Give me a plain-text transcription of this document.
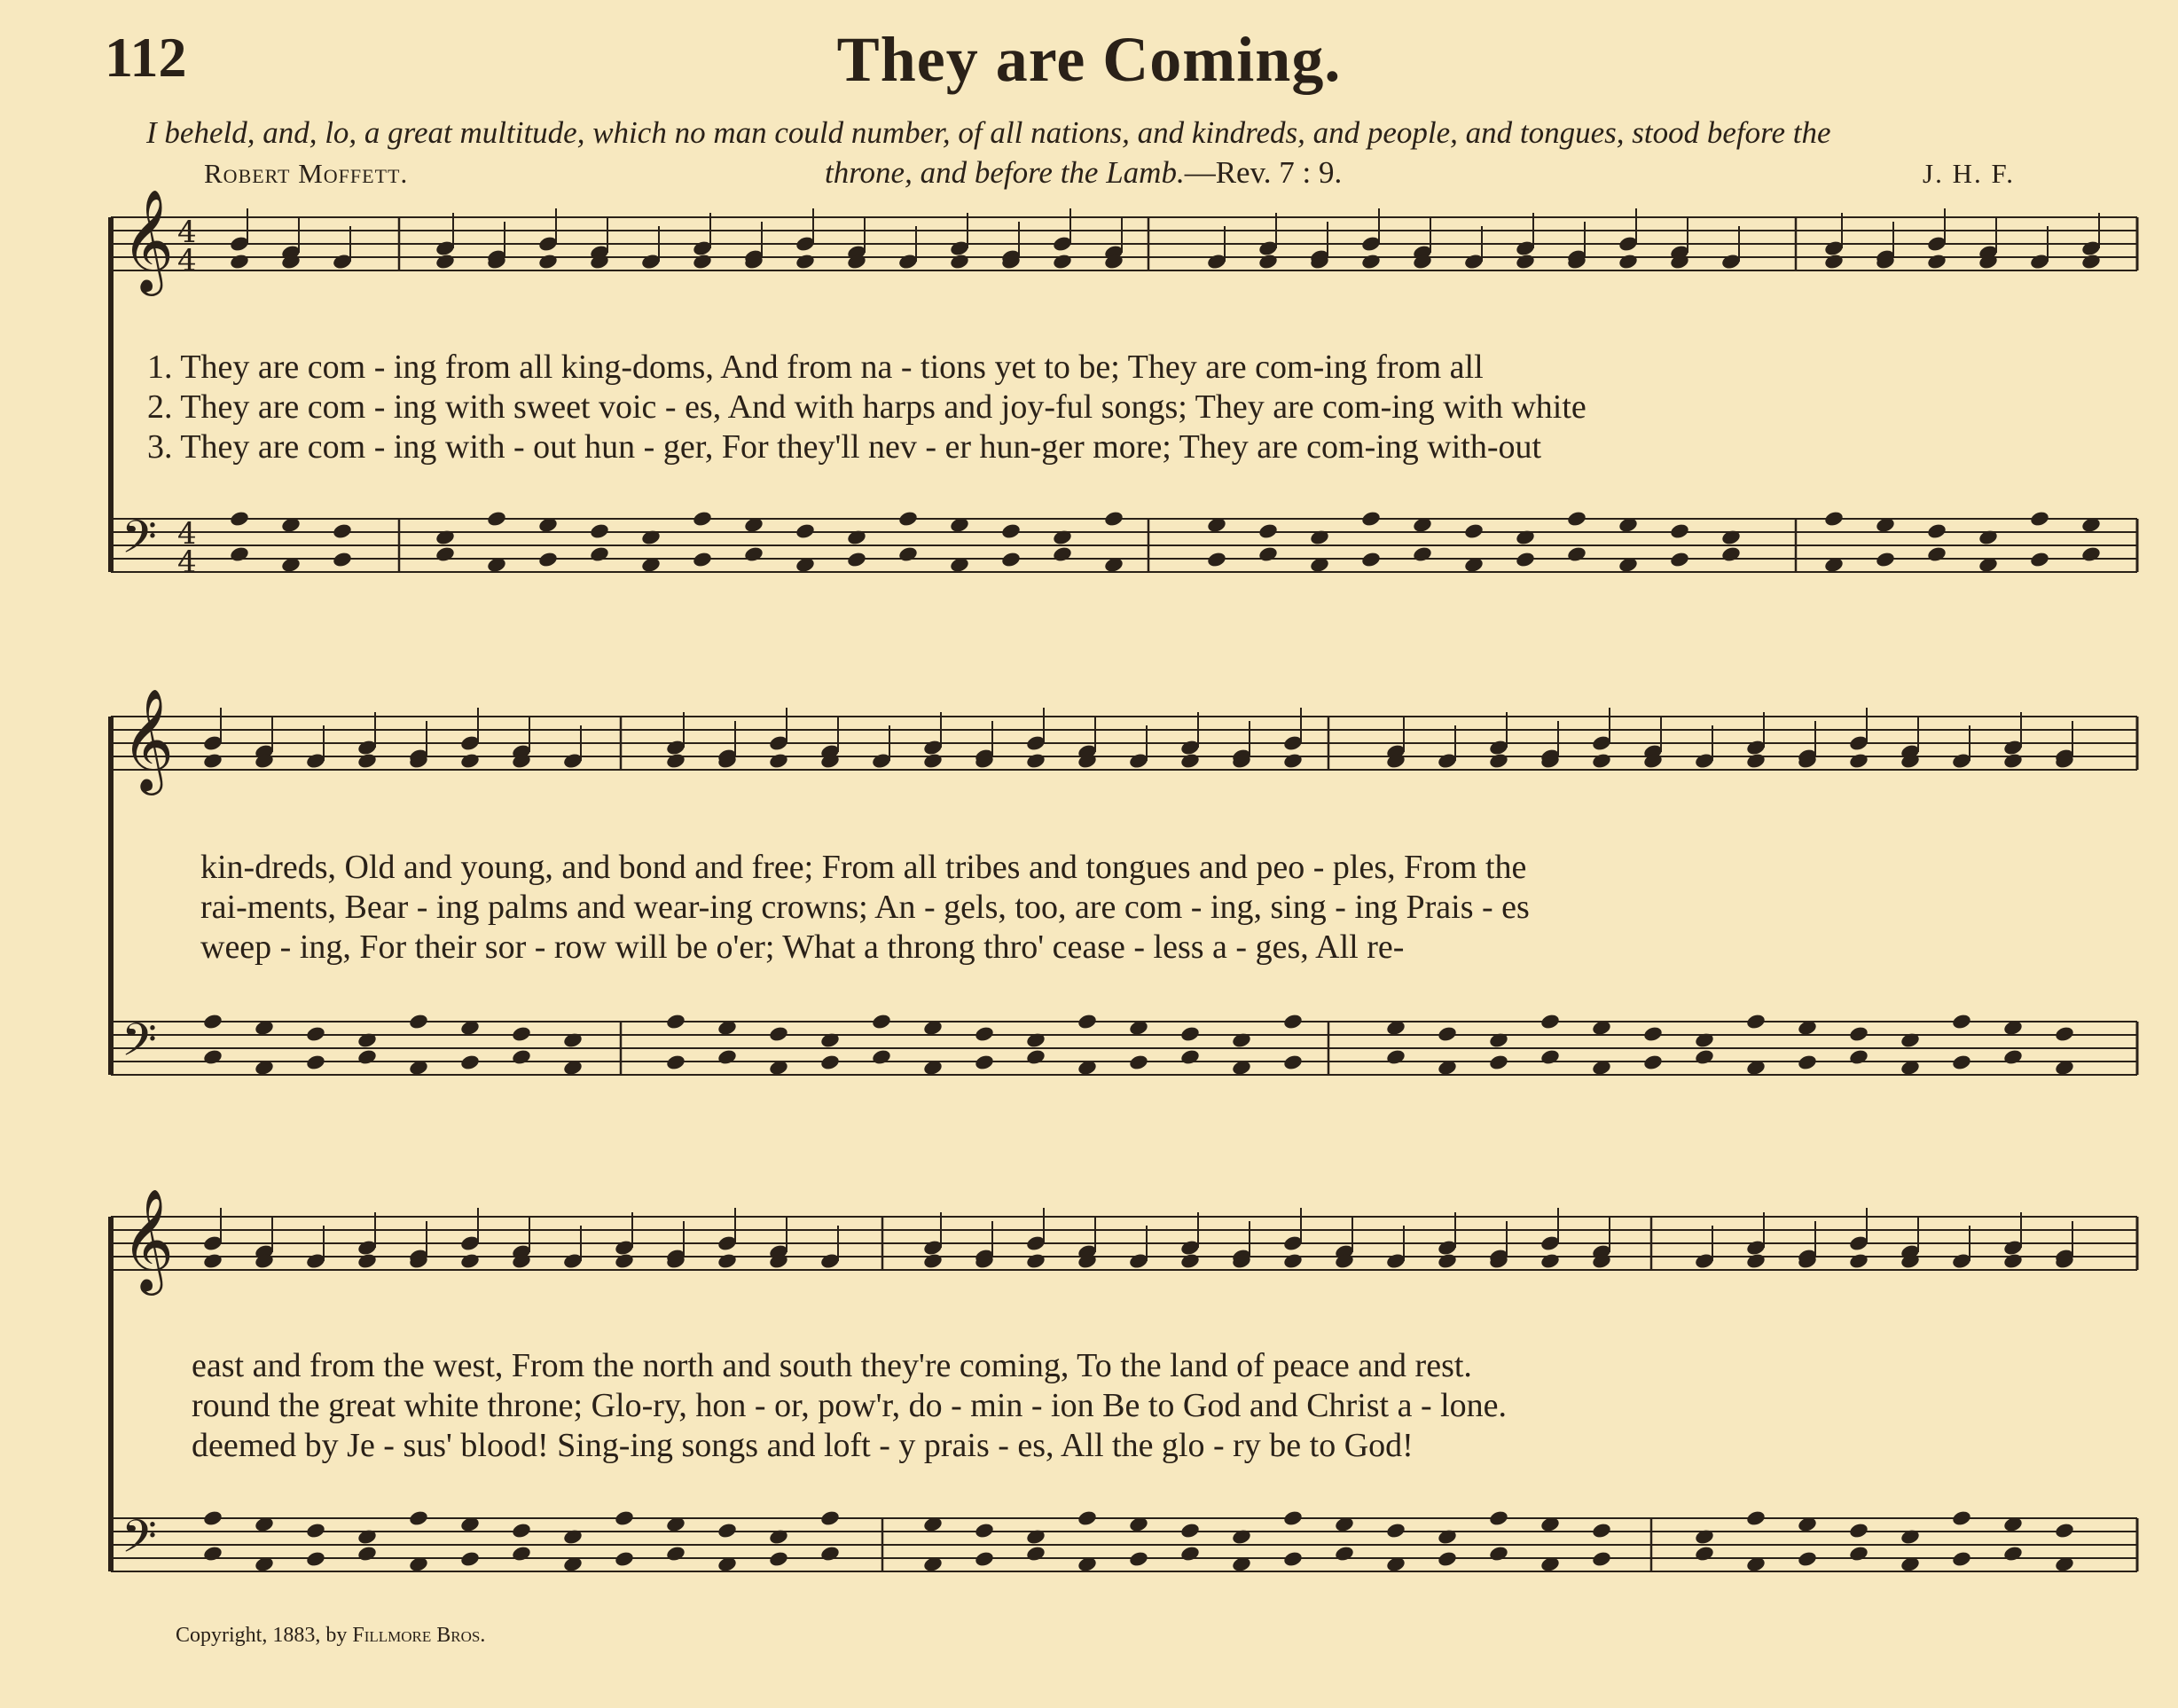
112	They are Coming.
I beheld, and, lo, a great multitude, which no man could number, of all nations, and kindreds, and people, and tongues, stood before the
throne, and before the Lamb.—Rev. 7 : 9.
Robert Moffett.	J. H. F.
𝄞
𝄢
4
4
4
4
𝄞
𝄢
𝄞
𝄢
1. They are com - ing from all king-doms, And from na - tions yet to be; They are com-ing from all
2. They are com - ing with sweet voic - es, And with harps and joy-ful songs; They are com-ing with white
3. They are com - ing with - out hun - ger, For they'll nev - er hun-ger more; They are com-ing with-out
kin-dreds, Old and young, and bond and free; From all tribes and tongues and peo - ples, From the
rai-ments, Bear - ing palms and wear-ing crowns; An - gels, too, are com - ing, sing - ing Prais - es
weep - ing, For their sor - row will be o'er; What a throng thro' cease - less a - ges, All re-
east and from the west, From the north and south they're coming, To the land of peace and rest.
round the great white throne; Glo-ry, hon - or, pow'r, do - min - ion Be to God and Christ a - lone.
deemed by Je - sus' blood! Sing-ing songs and loft - y prais - es, All the glo - ry be to God!
Copyright, 1883, by Fillmore Bros.
